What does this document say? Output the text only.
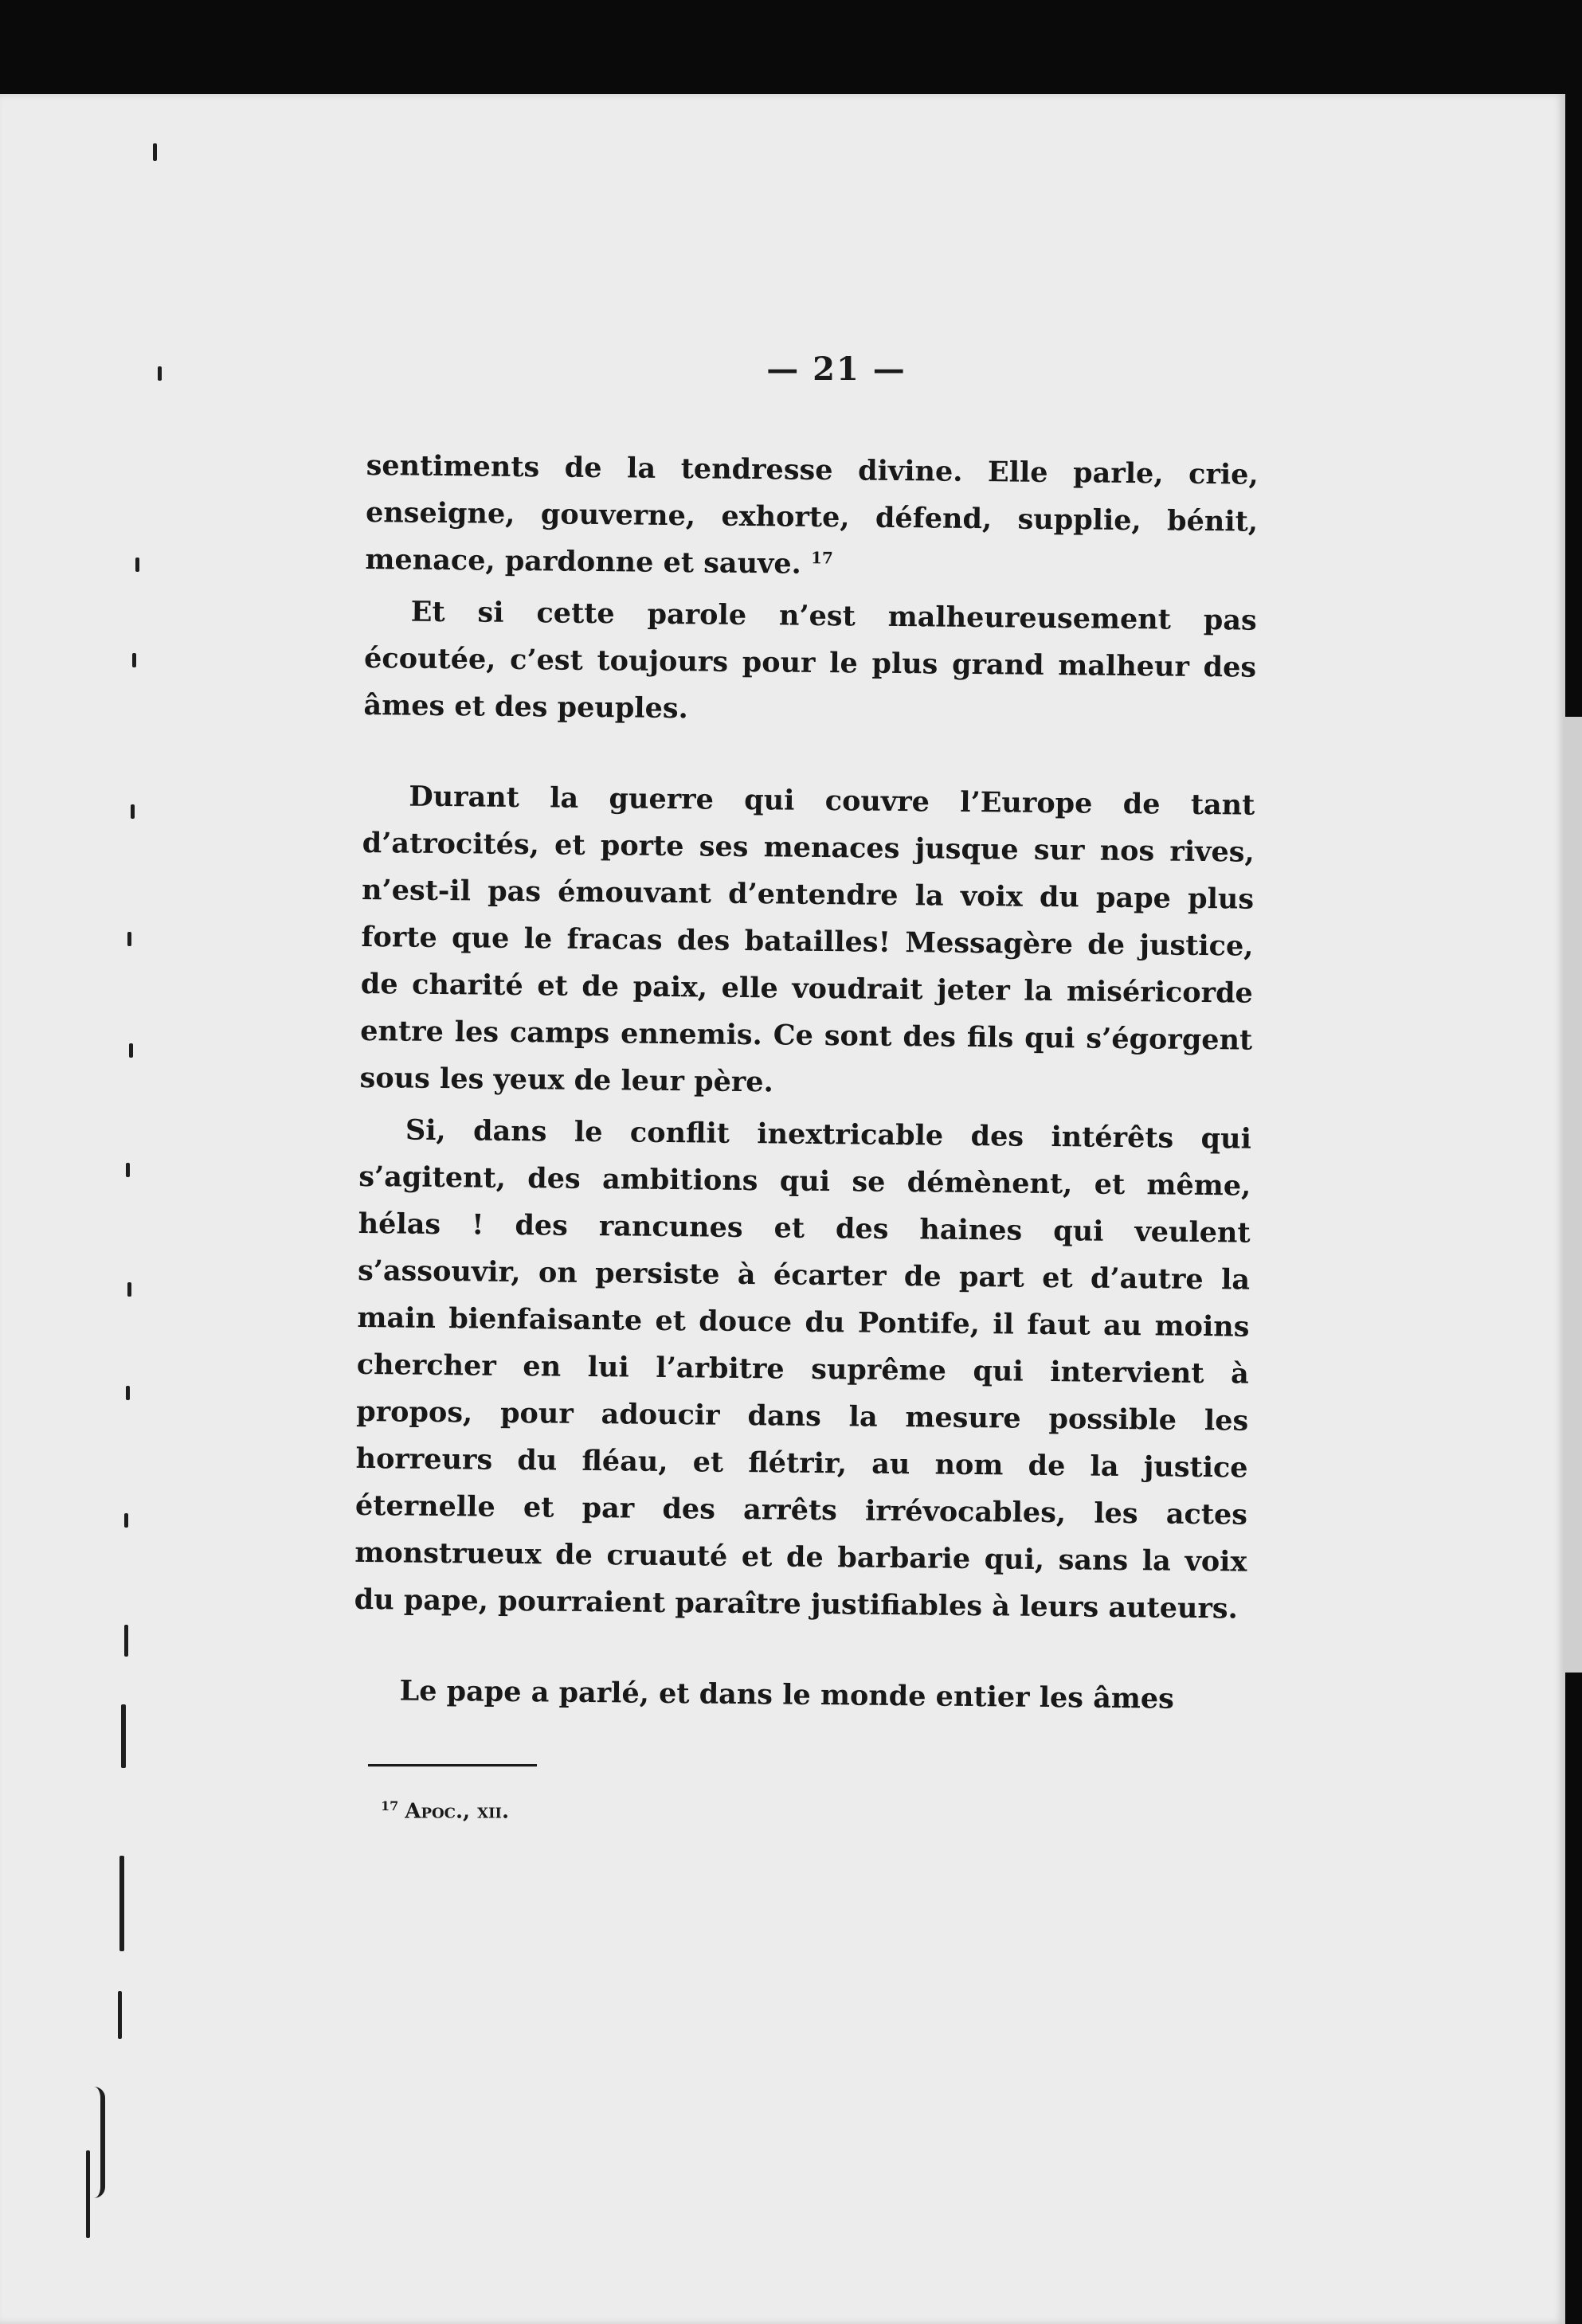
— 21 —

sentiments de la tendresse divine. Elle parle, crie, enseigne, gouverne, exhorte, défend, supplie, bénit, menace, pardonne et sauve. $^{17}$

Et si cette parole n’est malheureusement pas écoutée, c’est toujours pour le plus grand malheur des âmes et des peuples.

Durant la guerre qui couvre l’Europe de tant d’atrocités, et porte ses menaces jusque sur nos rives, n’est-il pas émouvant d’entendre la voix du pape plus forte que le fracas des batailles! Messagère de justice, de charité et de paix, elle voudrait jeter la miséricorde entre les camps ennemis. Ce sont des fils qui s’égorgent sous les yeux de leur père.

Si, dans le conflit inextricable des intérêts qui s’agitent, des ambitions qui se démènent, et même, hélas ! des rancunes et des haines qui veulent s’assouvir, on persiste à écarter de part et d’autre la main bienfaisante et douce du Pontife, il faut au moins chercher en lui l’arbitre suprême qui intervient à propos, pour adoucir dans la mesure possible les horreurs du fléau, et flétrir, au nom de la justice éternelle et par des arrêts irrévocables, les actes monstrueux de cruauté et de barbarie qui, sans la voix du pape, pourraient paraître justifiables à leurs auteurs.

Le pape a parlé, et dans le monde entier les âmes

$^{17}$ Apoc., xii.
